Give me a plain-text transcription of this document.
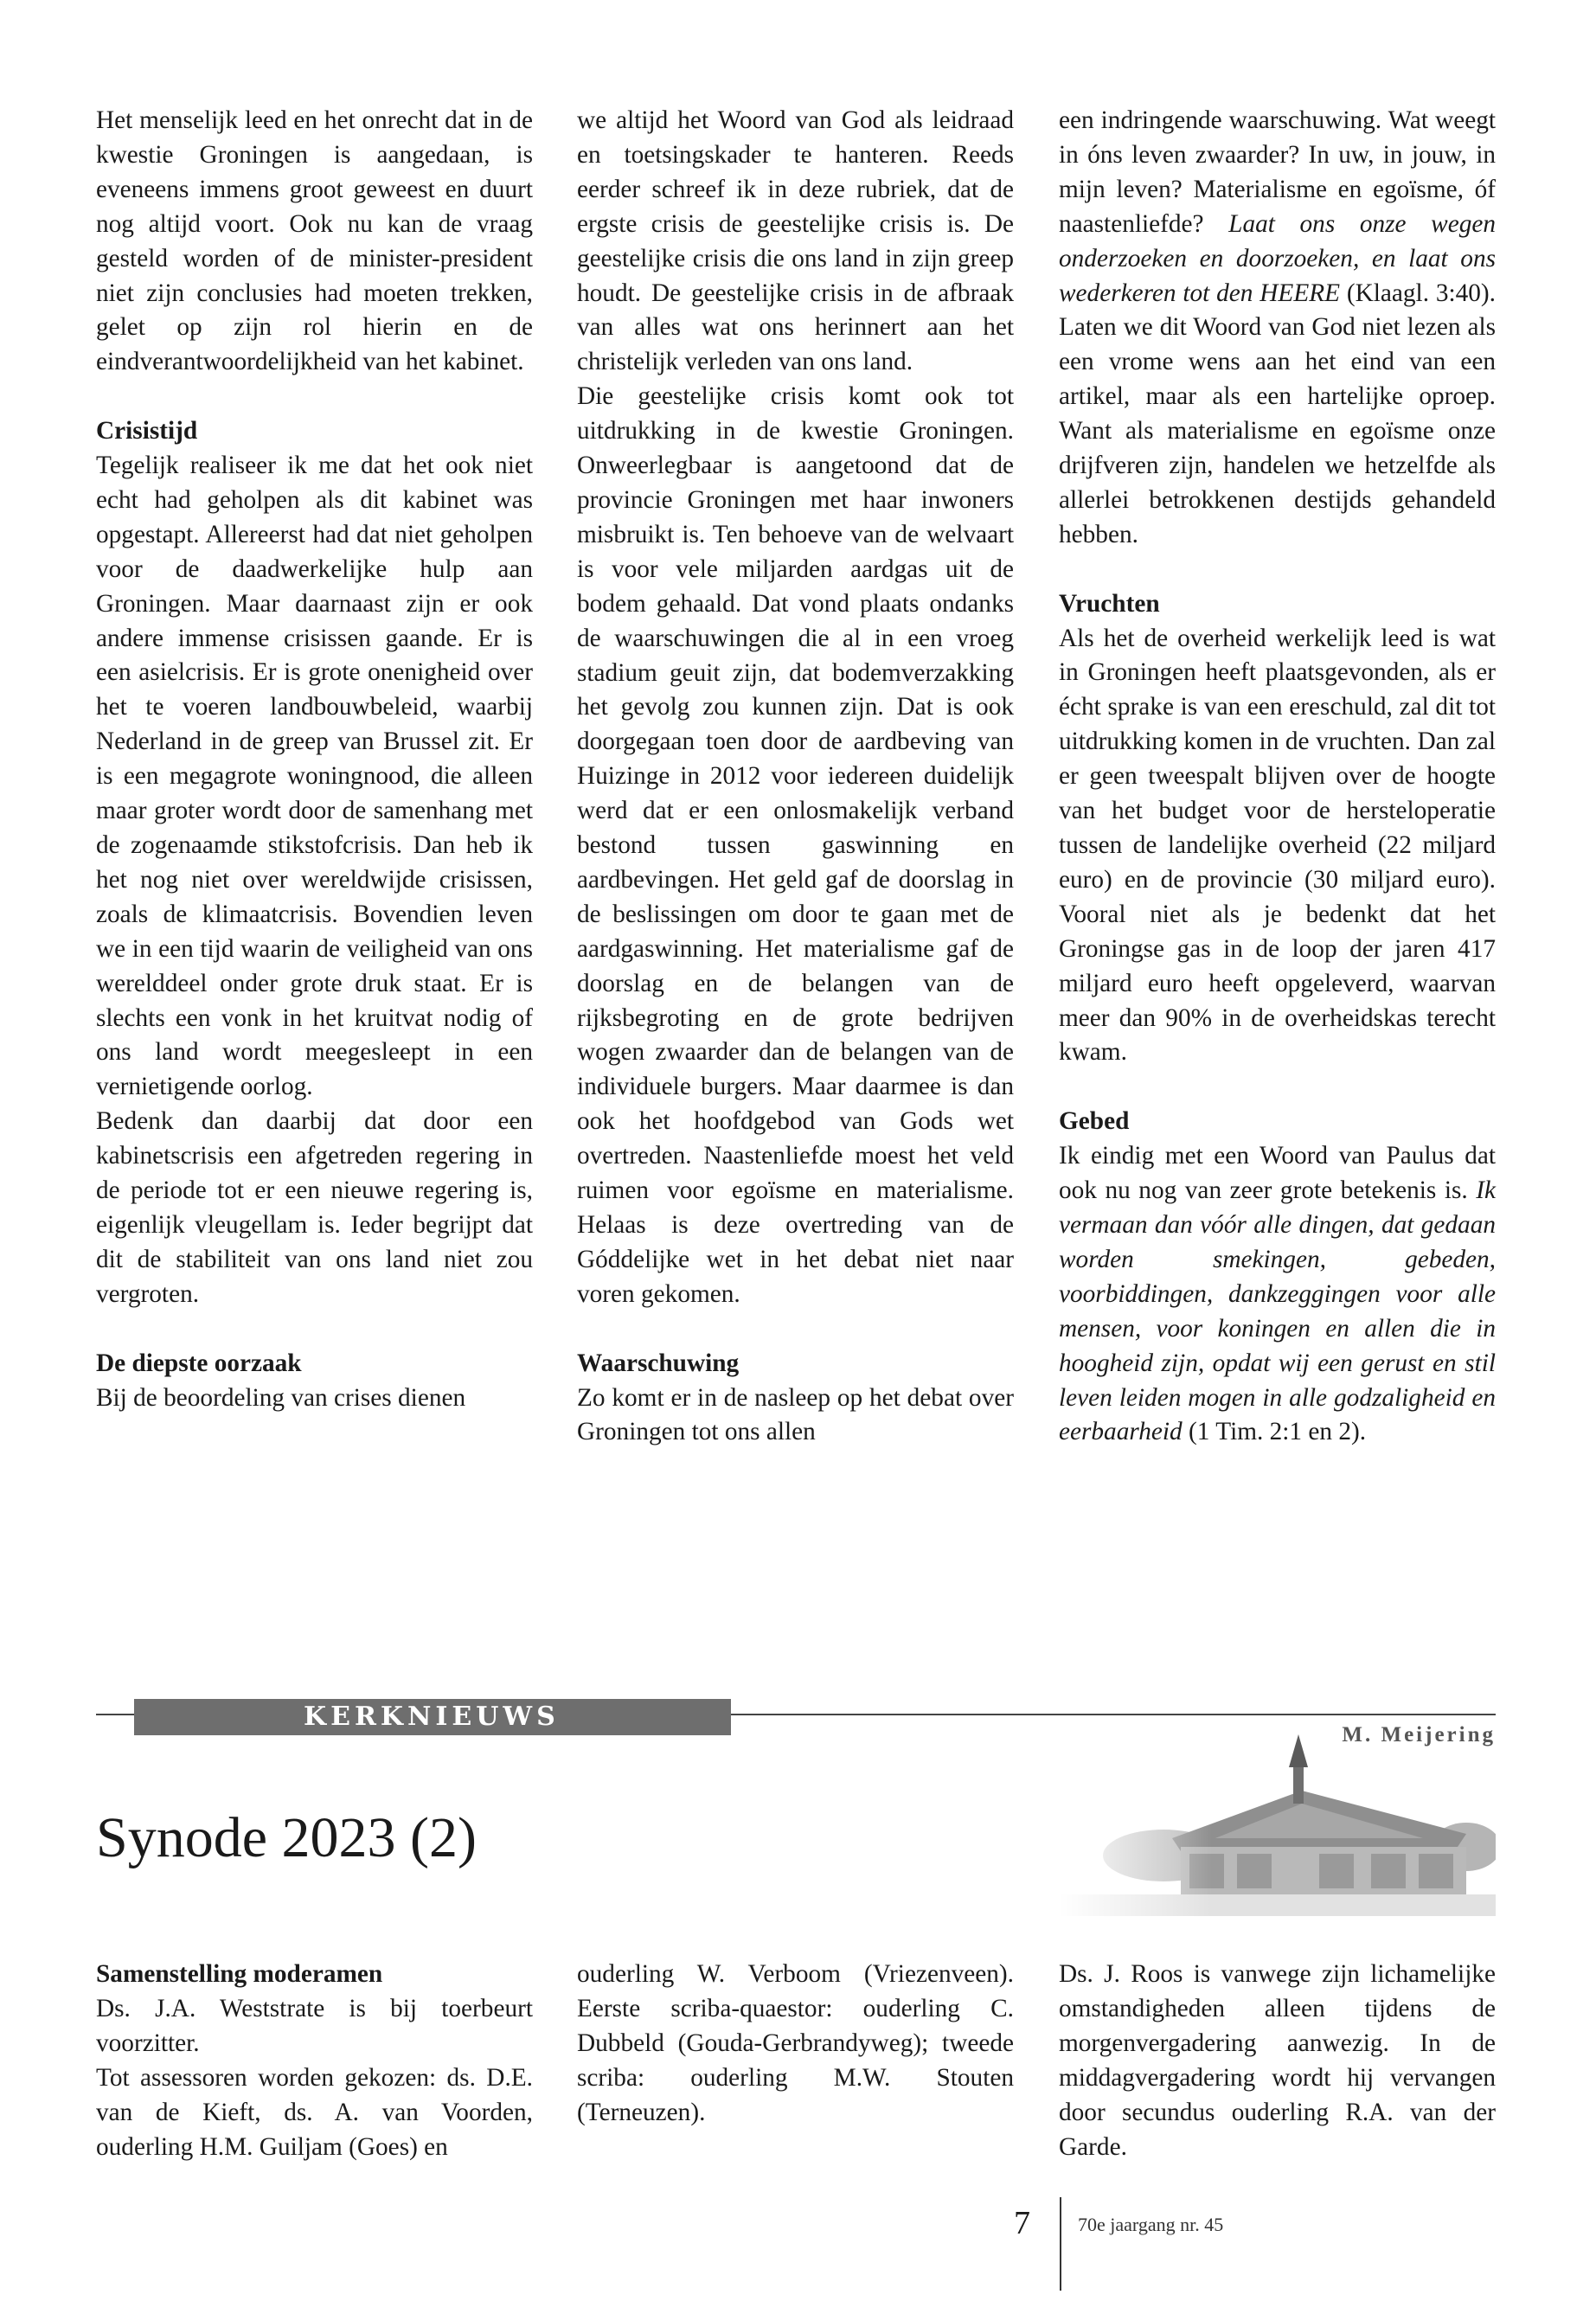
Het menselijk leed en het onrecht dat in de kwestie Groningen is aangedaan, is eveneens immens groot geweest en duurt nog altijd voort. Ook nu kan de vraag gesteld worden of de minister-president niet zijn conclusies had moeten trekken, gelet op zijn rol hierin en de eindverantwoordelijkheid van het kabinet.

Crisistijd

Tegelijk realiseer ik me dat het ook niet echt had geholpen als dit kabinet was opgestapt. Allereerst had dat niet geholpen voor de daadwerkelijke hulp aan Groningen. Maar daarnaast zijn er ook andere immense crisissen gaande. Er is een asielcrisis. Er is grote onenigheid over het te voeren landbouwbeleid, waarbij Nederland in de greep van Brussel zit. Er is een megagrote woningnood, die alleen maar groter wordt door de samenhang met de zogenaamde stikstofcrisis. Dan heb ik het nog niet over wereldwijde crisissen, zoals de klimaatcrisis. Bovendien leven we in een tijd waarin de veiligheid van ons werelddeel onder grote druk staat. Er is slechts een vonk in het kruitvat nodig of ons land wordt meegesleept in een vernietigende oorlog.

Bedenk dan daarbij dat door een kabinetscrisis een afgetreden regering in de periode tot er een nieuwe regering is, eigenlijk vleugellam is. Ieder begrijpt dat dit de stabiliteit van ons land niet zou vergroten.

De diepste oorzaak

Bij de beoordeling van crises dienen

we altijd het Woord van God als leidraad en toetsingskader te hanteren. Reeds eerder schreef ik in deze rubriek, dat de ergste crisis de geestelijke crisis is. De geestelijke crisis die ons land in zijn greep houdt. De geestelijke crisis in de afbraak van alles wat ons herinnert aan het christelijk verleden van ons land.

Die geestelijke crisis komt ook tot uitdrukking in de kwestie Groningen. Onweerlegbaar is aangetoond dat de provincie Groningen met haar inwoners misbruikt is. Ten behoeve van de welvaart is voor vele miljarden aardgas uit de bodem gehaald. Dat vond plaats ondanks de waarschuwingen die al in een vroeg stadium geuit zijn, dat bodemverzakking het gevolg zou kunnen zijn. Dat is ook doorgegaan toen door de aardbeving van Huizinge in 2012 voor iedereen duidelijk werd dat er een onlosmakelijk verband bestond tussen gaswinning en aardbevingen. Het geld gaf de doorslag in de beslissingen om door te gaan met de aardgaswinning. Het materialisme gaf de doorslag en de belangen van de rijksbegroting en de grote bedrijven wogen zwaarder dan de belangen van de individuele burgers. Maar daarmee is dan ook het hoofdgebod van Gods wet overtreden. Naastenliefde moest het veld ruimen voor egoïsme en materialisme. Helaas is deze overtreding van de Góddelijke wet in het debat niet naar voren gekomen.

Waarschuwing

Zo komt er in de nasleep op het debat over Groningen tot ons allen

een indringende waarschuwing. Wat weegt in óns leven zwaarder? In uw, in jouw, in mijn leven? Materialisme en egoïsme, óf naastenliefde? Laat ons onze wegen onderzoeken en doorzoeken, en laat ons wederkeren tot den HEERE (Klaagl. 3:40). Laten we dit Woord van God niet lezen als een vrome wens aan het eind van een artikel, maar als een hartelijke oproep. Want als materialisme en egoïsme onze drijfveren zijn, handelen we hetzelfde als allerlei betrokkenen destijds gehandeld hebben.

Vruchten

Als het de overheid werkelijk leed is wat in Groningen heeft plaatsgevonden, als er écht sprake is van een ereschuld, zal dit tot uitdrukking komen in de vruchten. Dan zal er geen tweespalt blijven over de hoogte van het budget voor de hersteloperatie tussen de landelijke overheid (22 miljard euro) en de provincie (30 miljard euro). Vooral niet als je bedenkt dat het Groningse gas in de loop der jaren 417 miljard euro heeft opgeleverd, waarvan meer dan 90% in de overheidskas terecht kwam.

Gebed

Ik eindig met een Woord van Paulus dat ook nu nog van zeer grote betekenis is. Ik vermaan dan vóór alle dingen, dat gedaan worden smekingen, gebeden, voorbiddingen, dankzeggingen voor alle mensen, voor koningen en allen die in hoogheid zijn, opdat wij een gerust en stil leven leiden mogen in alle godzaligheid en eerbaarheid (1 Tim. 2:1 en 2).

KERKNIEUWS
M. Meijering
Synode 2023 (2)
Samenstelling moderamen

Ds. J.A. Weststrate is bij toerbeurt voorzitter.

Tot assessoren worden gekozen: ds. D.E. van de Kieft, ds. A. van Voorden, ouderling H.M. Guiljam (Goes) en

ouderling W. Verboom (Vriezenveen). Eerste scriba-quaestor: ouderling C. Dubbeld (Gouda-Gerbrandyweg); tweede scriba: ouderling M.W. Stouten (Terneuzen).

Ds. J. Roos is vanwege zijn lichamelijke omstandigheden alleen tijdens de morgenvergadering aanwezig. In de middagvergadering wordt hij vervangen door secundus ouderling R.A. van der Garde.

7	70e jaargang nr. 45
